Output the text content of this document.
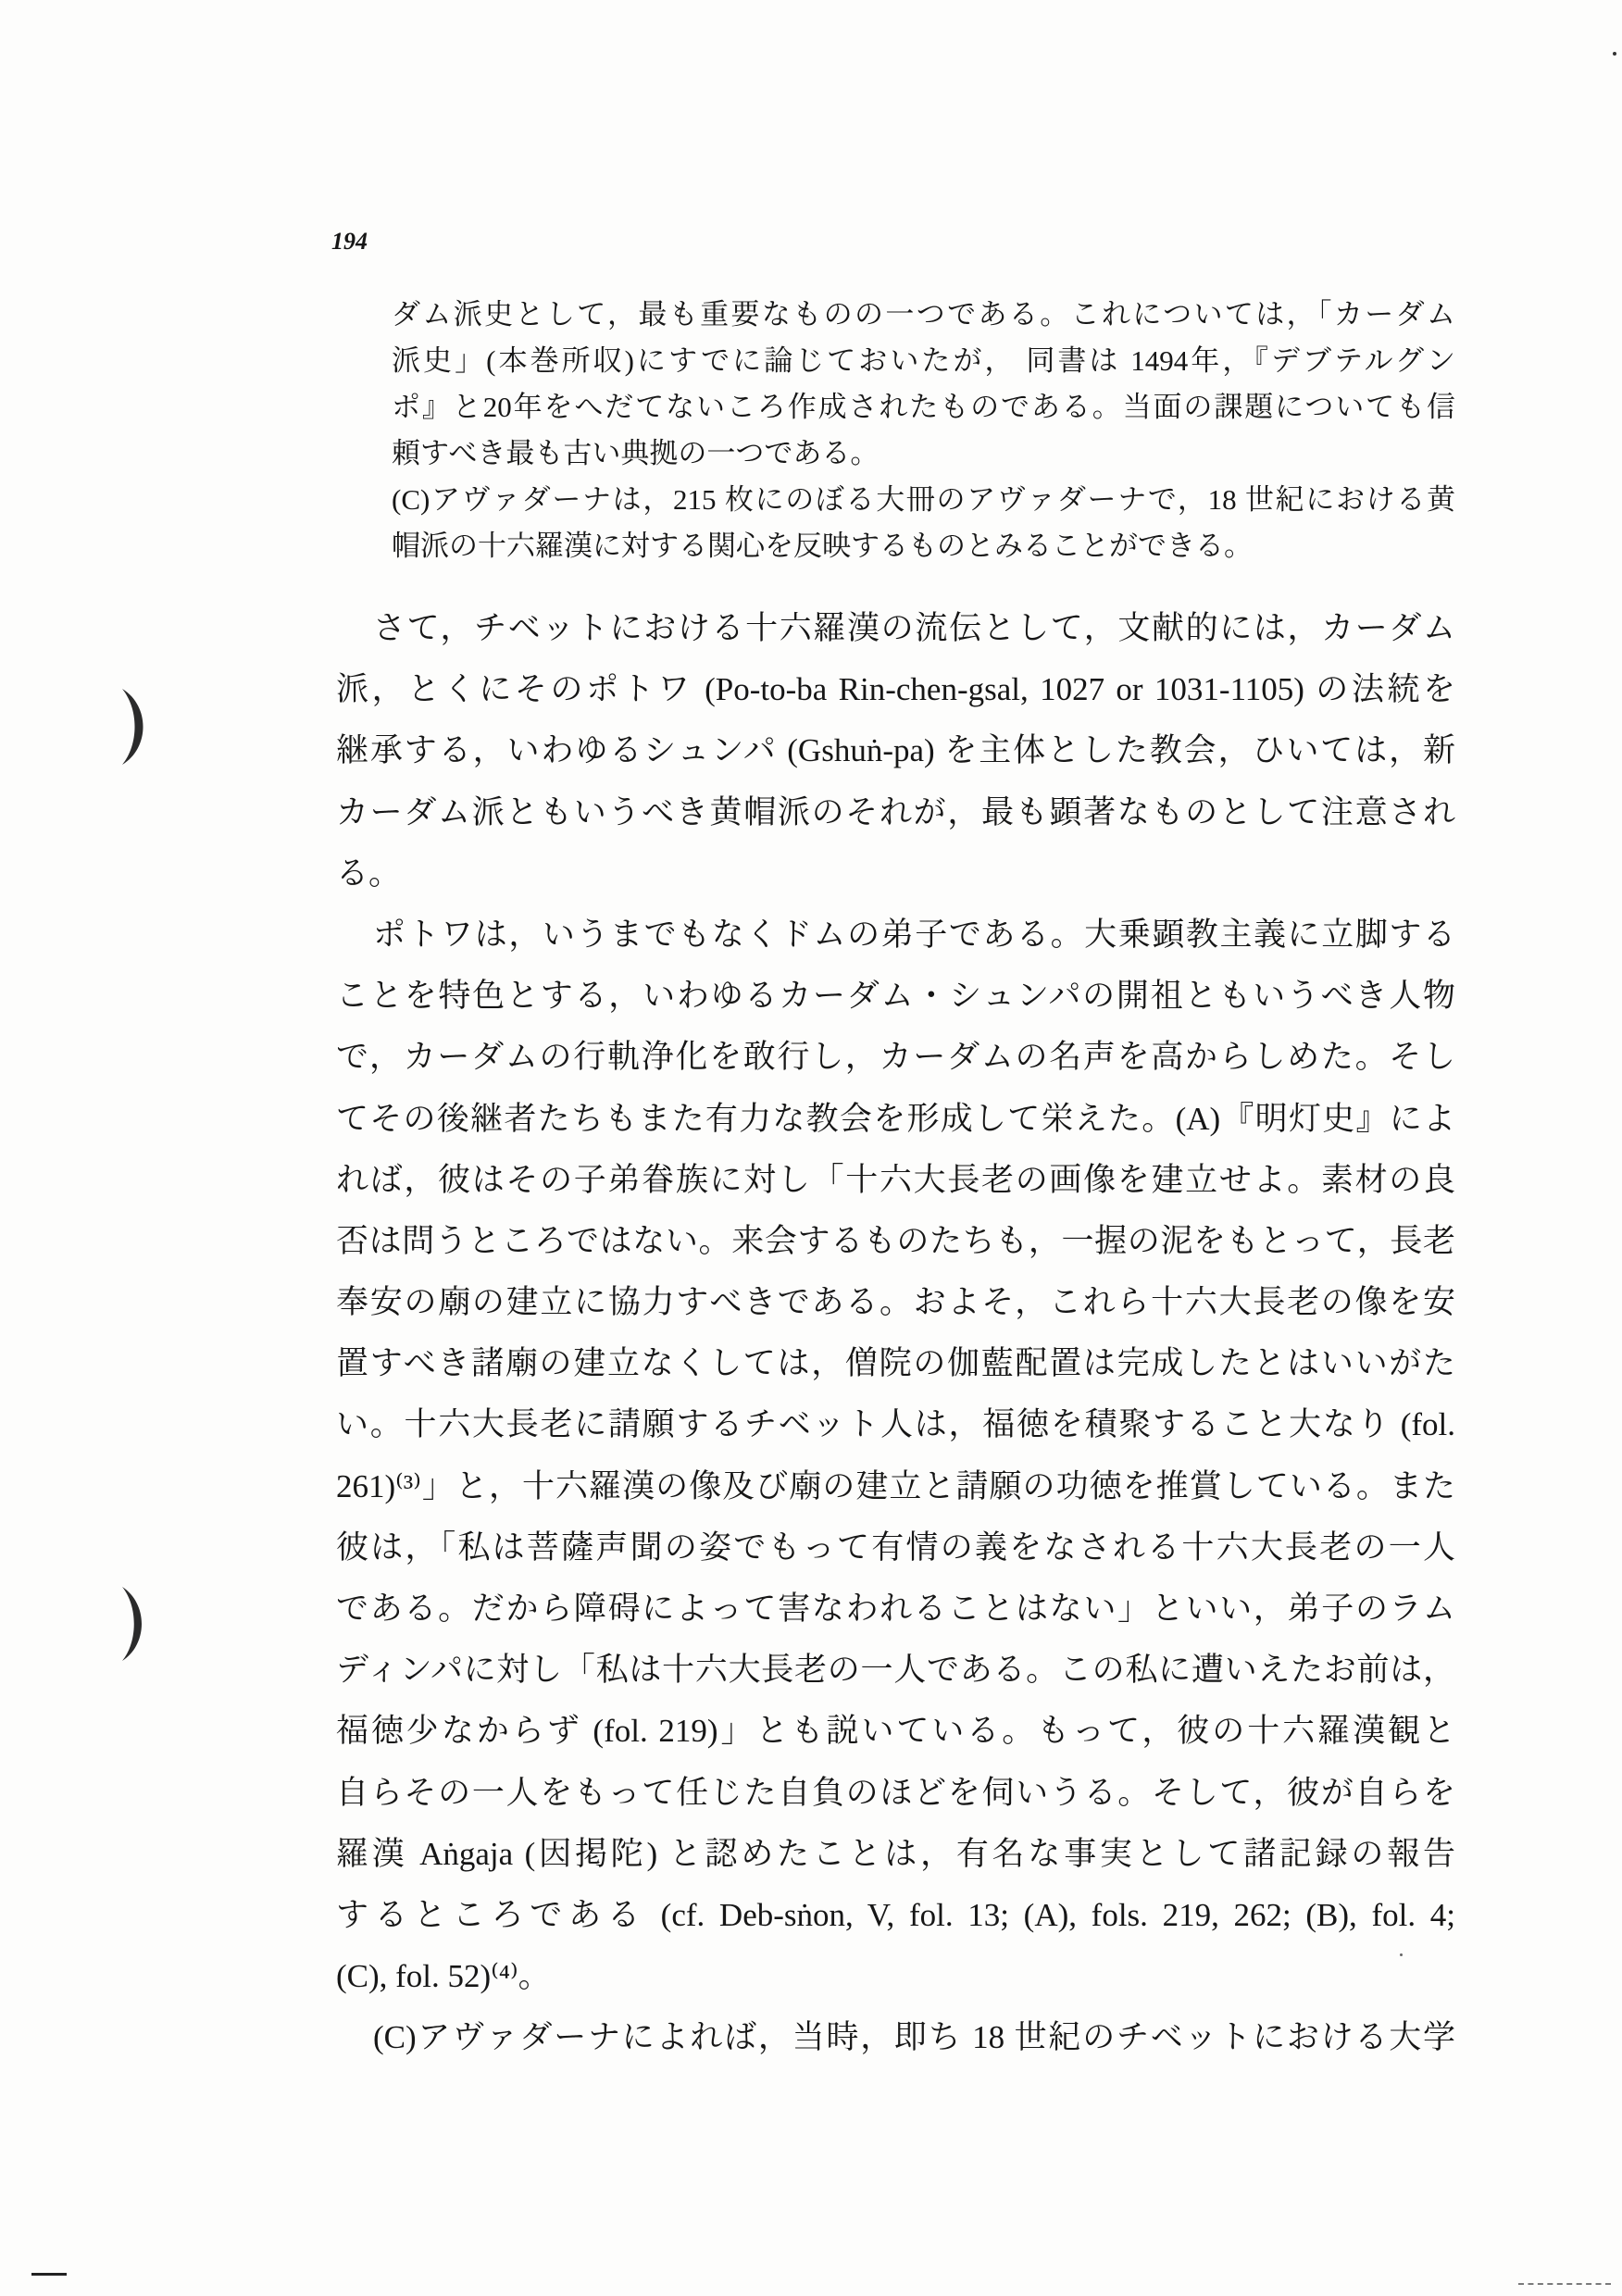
194
ダム派史として，最も重要なものの一つである。これについては，「カーダム
派史」(本巻所収)にすでに論じておいたが， 同書は 1494年，『デブテルグン
ポ』と20年をへだてないころ作成されたものである。当面の課題についても信
頼すべき最も古い典拠の一つである。
(C)アヴァダーナは，215 枚にのぼる大冊のアヴァダーナで，18 世紀における黄
帽派の十六羅漢に対する関心を反映するものとみることができる。
さて，チベットにおける十六羅漢の流伝として，文献的には，カーダム
派，とくにそのポトワ (Po-to-ba Rin-chen-gsal, 1027 or 1031-1105) の法統を
継承する，いわゆるシュンパ (Gshuṅ-pa) を主体とした教会，ひいては，新
カーダム派ともいうべき黄帽派のそれが，最も顕著なものとして注意され
る。
ポトワは，いうまでもなくドムの弟子である。大乗顕教主義に立脚する
ことを特色とする，いわゆるカーダム・シュンパの開祖ともいうべき人物
で，カーダムの行軌浄化を敢行し，カーダムの名声を高からしめた。そし
てその後継者たちもまた有力な教会を形成して栄えた。(A)『明灯史』によ
れば，彼はその子弟眷族に対し「十六大長老の画像を建立せよ。素材の良
否は問うところではない。来会するものたちも，一握の泥をもとって，長老
奉安の廟の建立に協力すべきである。およそ，これら十六大長老の像を安
置すべき諸廟の建立なくしては，僧院の伽藍配置は完成したとはいいがた
い。十六大長老に請願するチベット人は，福徳を積聚すること大なり (fol.
261)⁽³⁾」と，十六羅漢の像及び廟の建立と請願の功徳を推賞している。また
彼は，「私は菩薩声聞の姿でもって有情の義をなされる十六大長老の一人
である。だから障碍によって害なわれることはない」といい，弟子のラム
ディンパに対し「私は十六大長老の一人である。この私に遭いえたお前は，
福徳少なからず (fol. 219)」とも説いている。もって，彼の十六羅漢観と
自らその一人をもって任じた自負のほどを伺いうる。そして，彼が自らを
羅漢 Aṅgaja (因掲陀) と認めたことは，有名な事実として諸記録の報告
するところである (cf. Deb-sṅon, V, fol. 13; (A), fols. 219, 262; (B), fol. 4;
(C), fol. 52)⁽⁴⁾。
(C)アヴァダーナによれば，当時，即ち 18 世紀のチベットにおける大学
